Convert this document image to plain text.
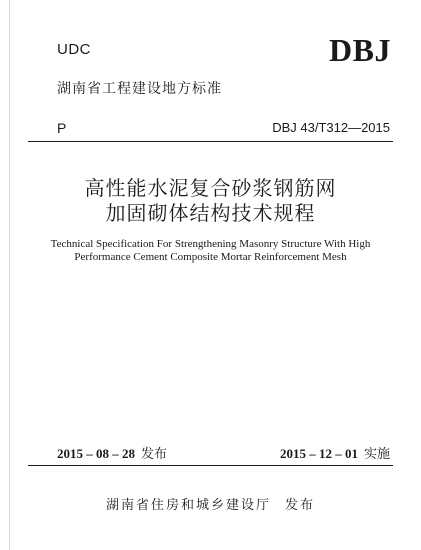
UDC	DBJ
湖南省工程建设地方标准
P	DBJ 43/T312—2015
高性能水泥复合砂浆钢筋网
加固砌体结构技术规程
Technical Specification For Strengthening Masonry Structure With High
Performance Cement Composite Mortar Reinforcement Mesh
2015 – 08 – 28 发布	2015 – 12 – 01 实施
湖南省住房和城乡建设厅 发布
